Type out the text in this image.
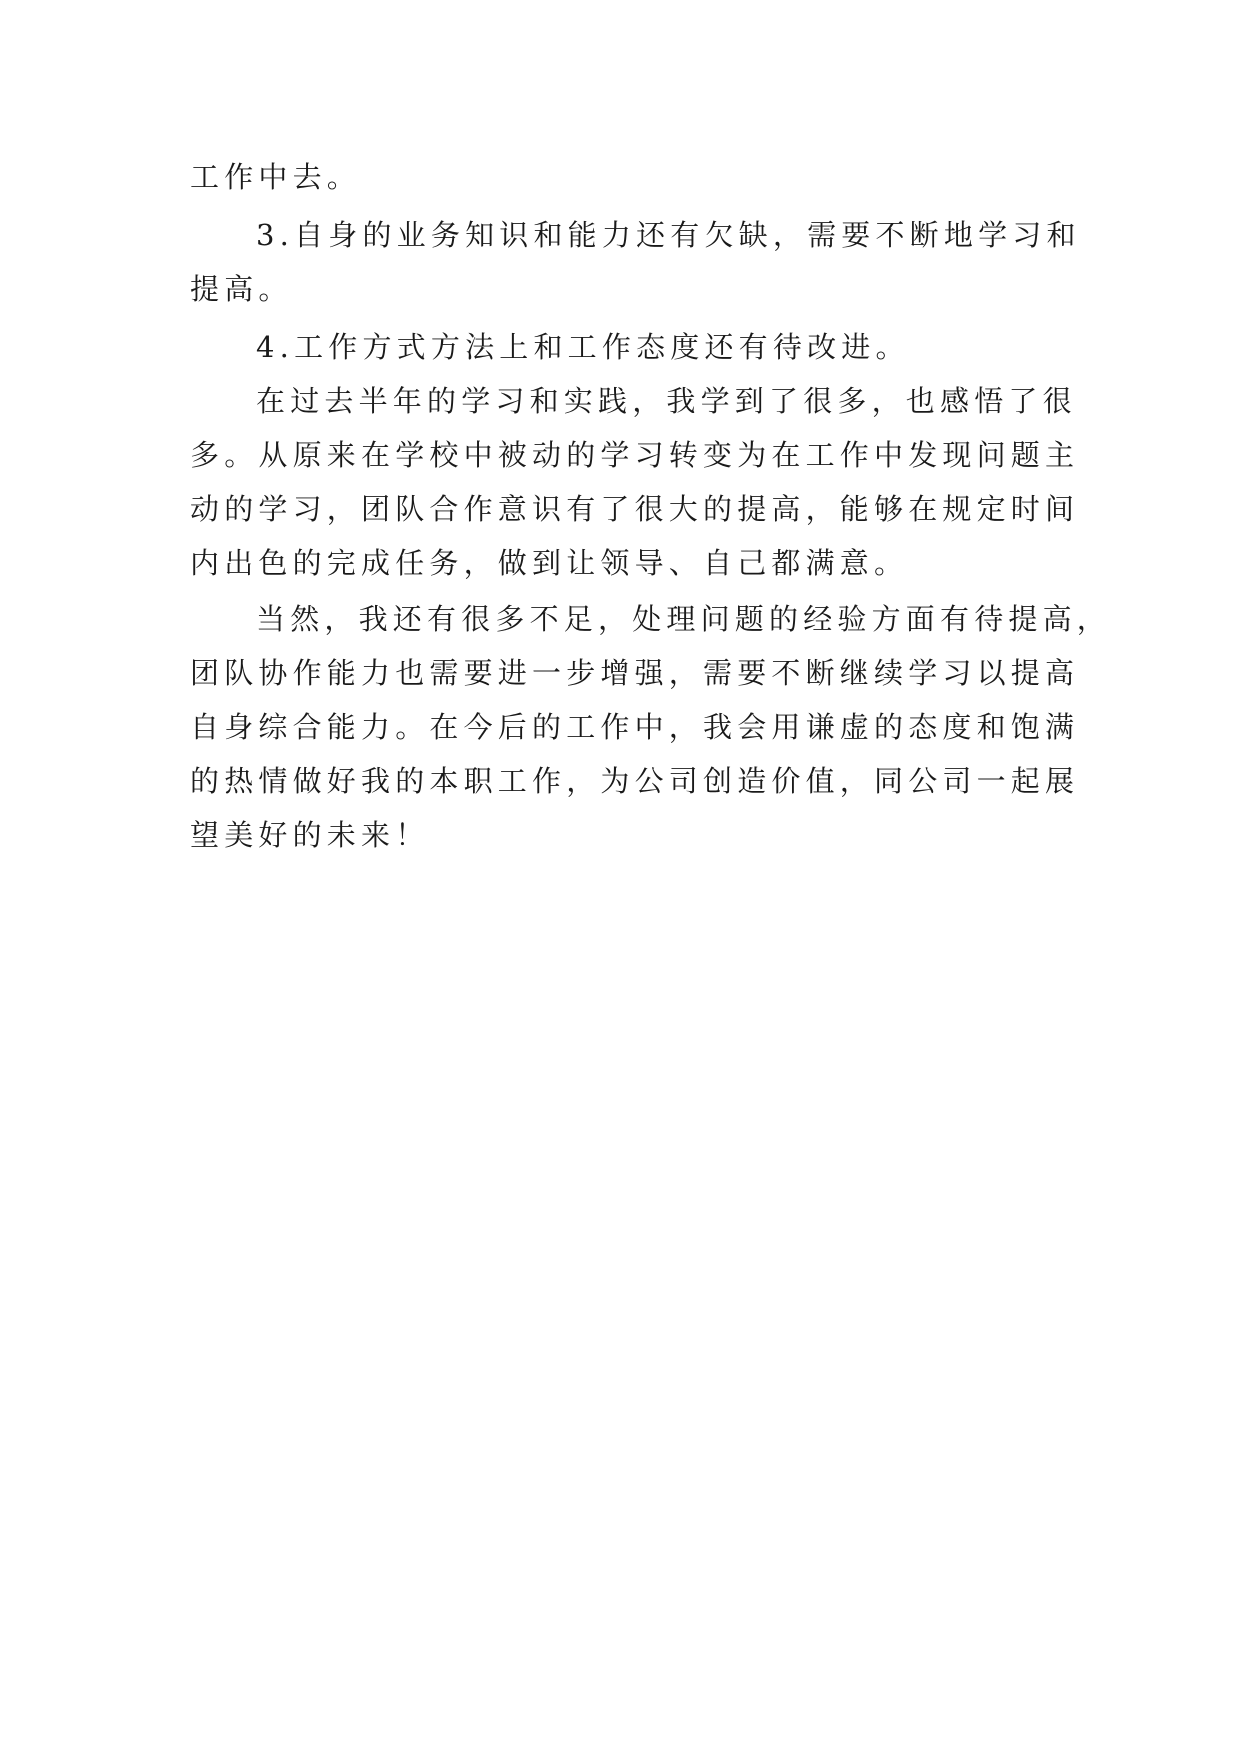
工作中去。
3.自身的业务知识和能力还有欠缺，需要不断地学习和
提高。
4.工作方式方法上和工作态度还有待改进。
在过去半年的学习和实践，我学到了很多，也感悟了很
多。从原来在学校中被动的学习转变为在工作中发现问题主
动的学习，团队合作意识有了很大的提高，能够在规定时间
内出色的完成任务，做到让领导、自己都满意。
当然，我还有很多不足，处理问题的经验方面有待提高，
团队协作能力也需要进一步增强，需要不断继续学习以提高
自身综合能力。在今后的工作中，我会用谦虚的态度和饱满
的热情做好我的本职工作，为公司创造价值，同公司一起展
望美好的未来！
